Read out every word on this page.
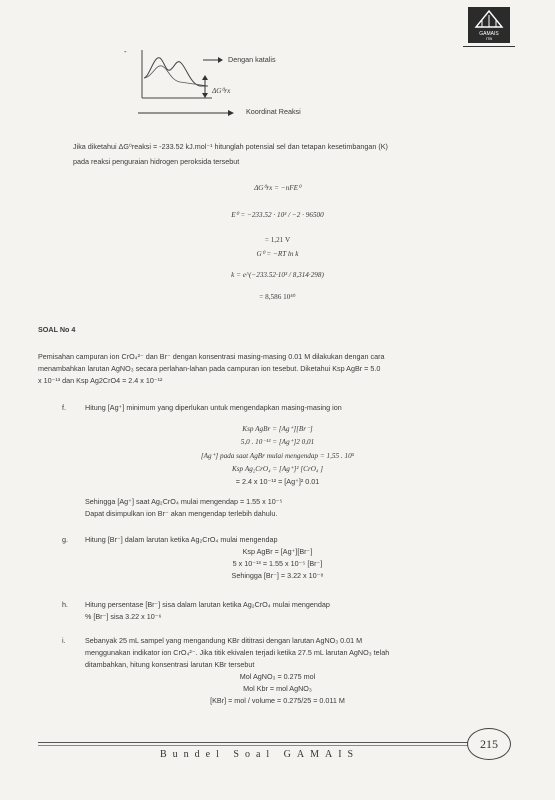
GAMAIS
ITB
-
Dengan katalis
ΔG⁰rx
Koordinat Reaksi
Jika diketahui ΔG⁰reaksi = -233.52 kJ.mol⁻¹ hitunglah potensial sel dan tetapan kesetimbangan (K)
pada reaksi penguraian hidrogen peroksida tersebut
ΔG⁰rx = −nFE⁰
E⁰ = −233.52 · 10³ / −2 · 96500
= 1,21 V
G⁰ = −RT ln k
k = e^(−233.52·10³ / 8,314·298)
= 8,586 10⁴⁰
SOAL No 4
Pemisahan campuran ion CrO₄²⁻ dan Br⁻ dengan konsentrasi masing-masing 0.01 M dilakukan dengan cara
menambahkan larutan AgNO₃ secara perlahan-lahan pada campuran ion tesebut. Diketahui Ksp AgBr = 5.0
x 10⁻¹³ dan Ksp Ag2CrO4 = 2.4 x 10⁻¹²
f.	Hitung [Ag⁺] minimum yang diperlukan untuk mengendapkan masing-masing ion
Ksp AgBr = [Ag⁺][Br⁻]
5,0 . 10⁻¹³ = [Ag⁺]2 0,01
[Ag⁺] pada saat AgBr mulai mengendap = 1,55 . 10⁵
Ksp Ag₂CrO₄ = [Ag⁺]² [CrO₄ ]
= 2.4 x 10⁻¹² = [Ag⁺]² 0.01
Sehingga [Ag⁺] saat Ag₂CrO₄ mulai mengendap = 1.55 x 10⁻⁵
Dapat disimpulkan ion Br⁻ akan mengendap terlebih dahulu.
g. Hitung [Br⁻] dalam larutan ketika Ag₂CrO₄ mulai mengendap
Ksp AgBr = [Ag⁺][Br⁻]
5 x 10⁻¹³ = 1.55 x 10⁻⁵ [Br⁻]
Sehingga [Br⁻] = 3.22 x 10⁻⁸
h. Hitung persentase [Br⁻] sisa dalam larutan ketika Ag₂CrO₄ mulai mengendap
% [Br⁻] sisa 3.22 x 10⁻⁶
i.	Sebanyak 25 mL sampel yang mengandung KBr dititrasi dengan larutan AgNO₃ 0.01 M
menggunakan indikator ion CrO₄²⁻. Jika titik ekivalen terjadi ketika 27.5 mL larutan AgNO₃ telah
ditambahkan, hitung konsentrasi larutan KBr tersebut
Mol AgNO₃ = 0.275 mol
Mol Kbr = mol AgNO₃
[KBr] = mol / volume = 0.275/25 = 0.011 M
Bundel Soal GAMAIS
215
